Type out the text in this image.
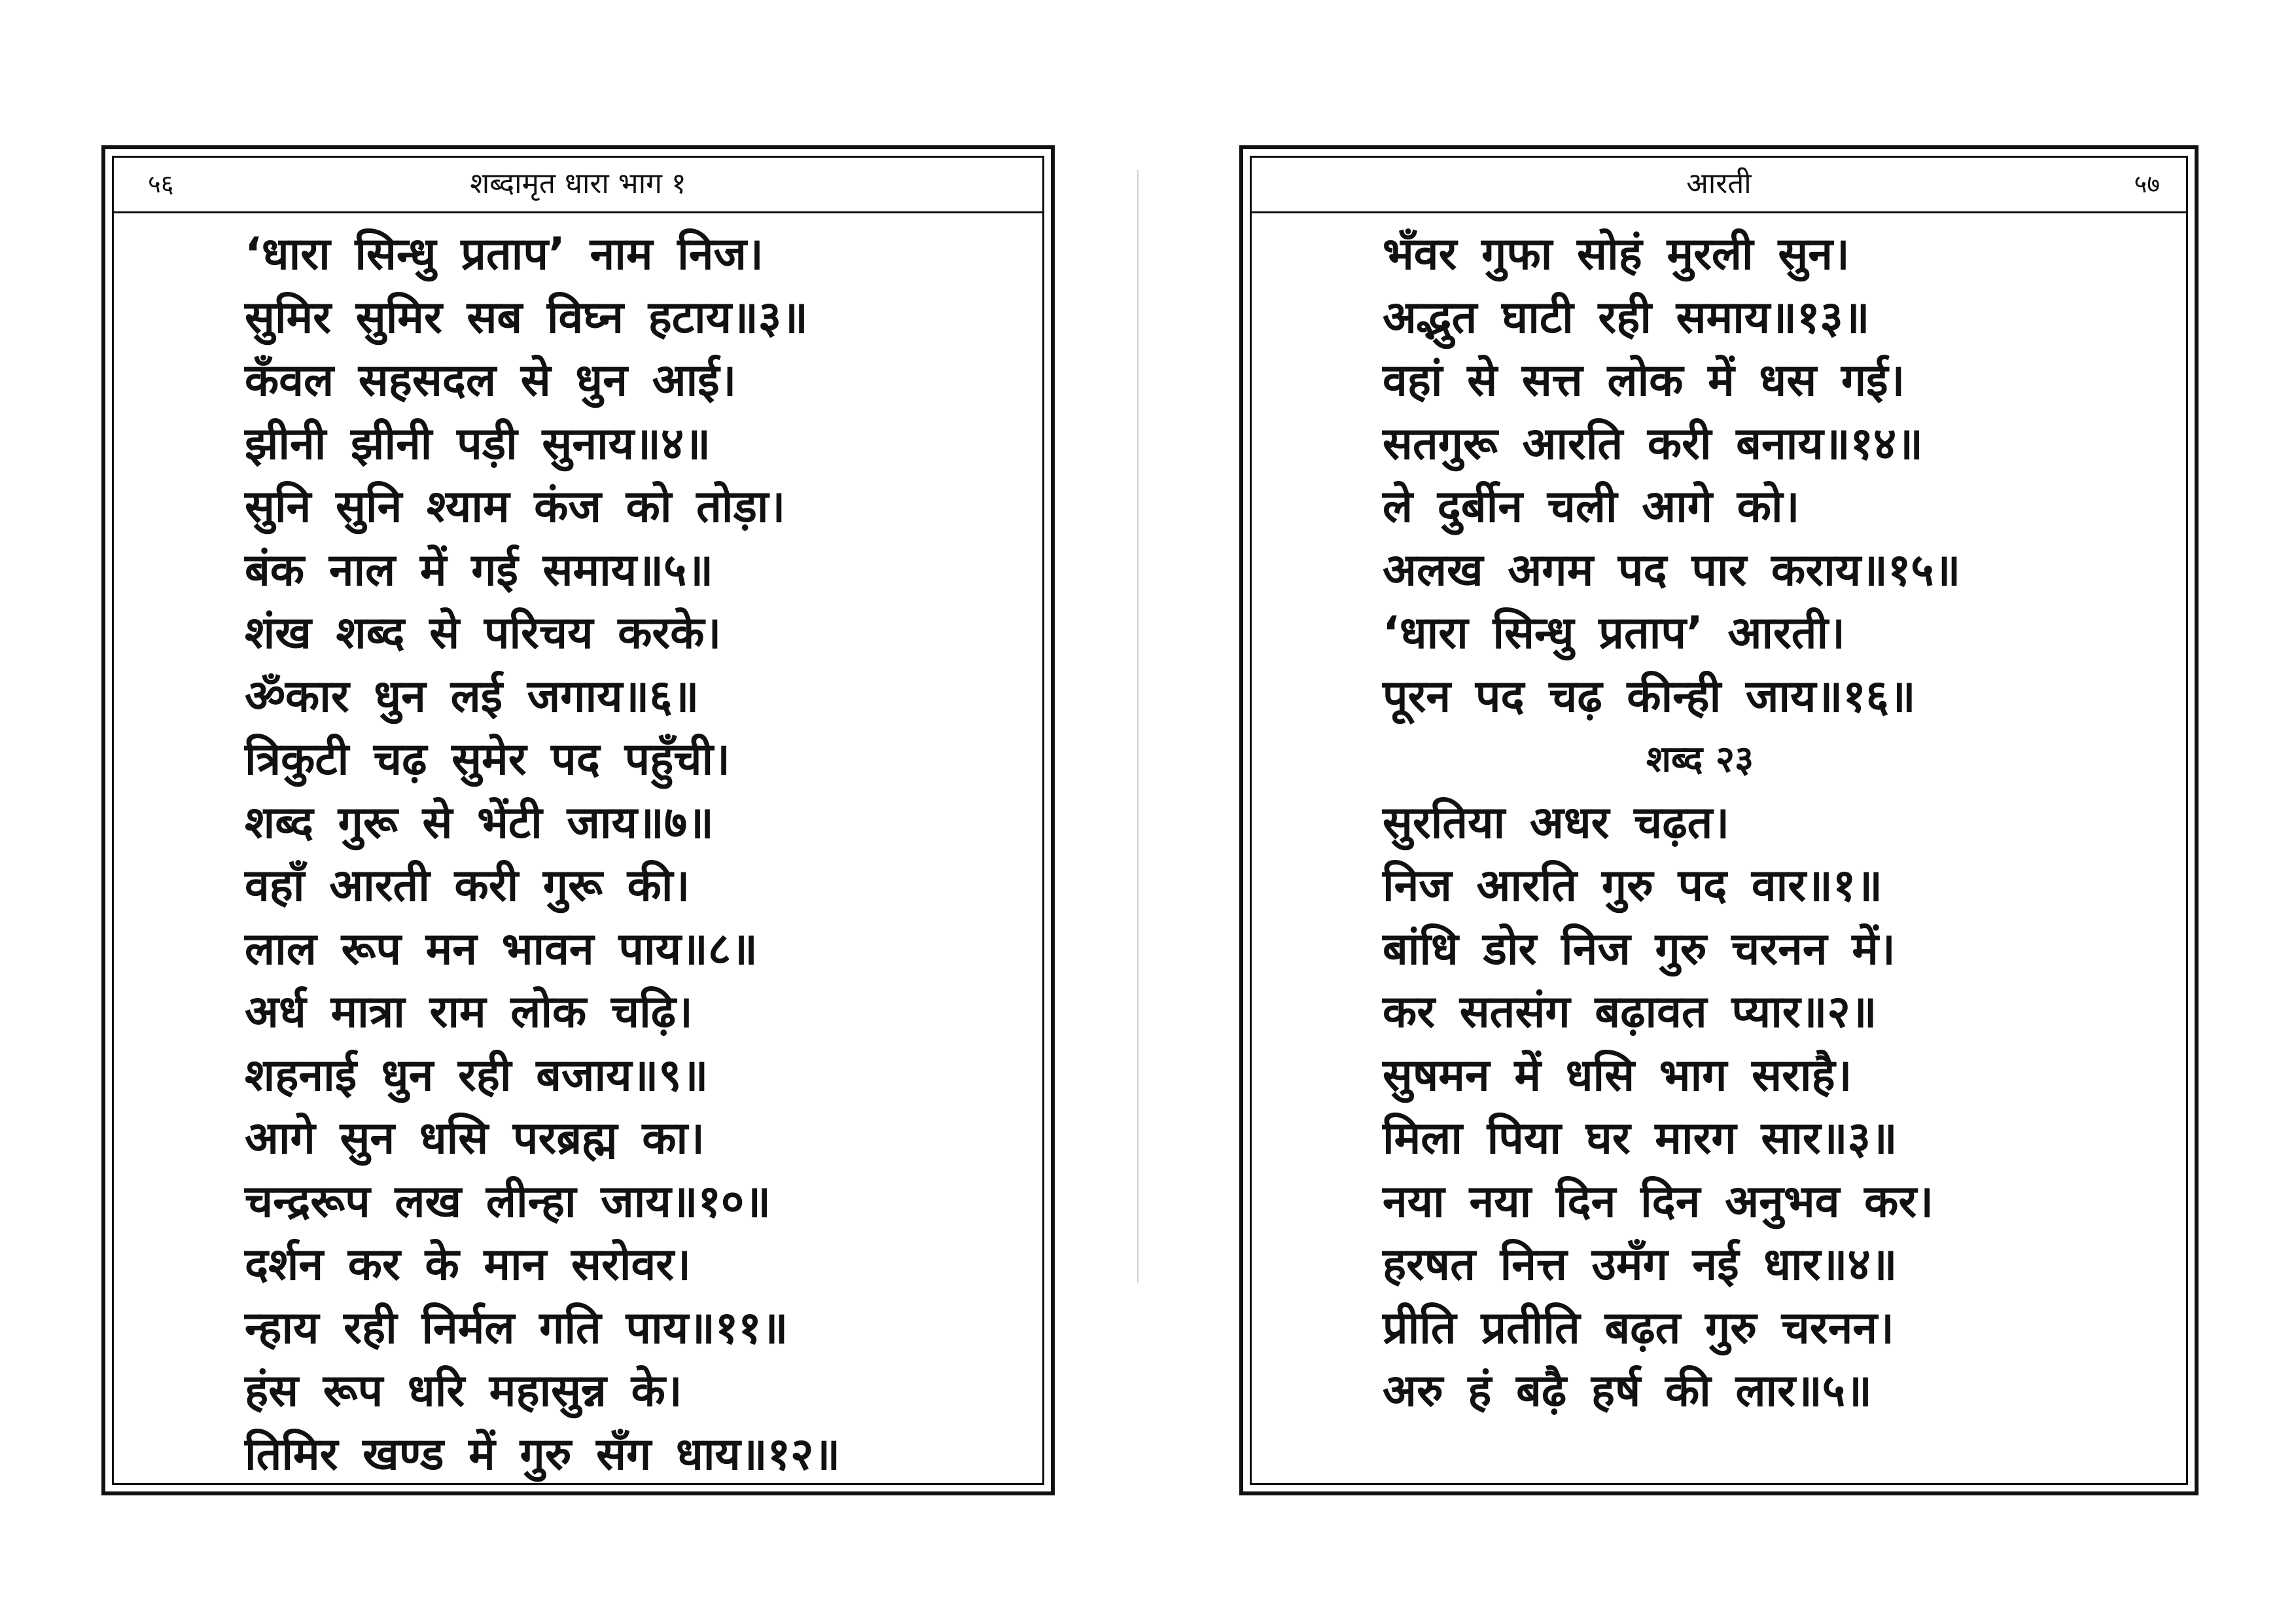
५६	शब्दामृत धारा भाग १
‘धारा सिन्धु प्रताप’ नाम निज।
सुमिर सुमिर सब विघ्न हटाय॥३॥
कँवल सहसदल से धुन आई।
झीनी झीनी पड़ी सुनाय॥४॥
सुनि सुनि श्याम कंज को तोड़ा।
बंक नाल में गई समाय॥५॥
शंख शब्द से परिचय करके।
ॐकार धुन लई जगाय॥६॥
त्रिकुटी चढ़ सुमेर पद पहुँची।
शब्द गुरू से भेंटी जाय॥७॥
वहाँ आरती करी गुरू की।
लाल रूप मन भावन पाय॥८॥
अर्ध मात्रा राम लोक चढ़ि।
शहनाई धुन रही बजाय॥९॥
आगे सुन धसि परब्रह्म का।
चन्द्ररूप लख लीन्हा जाय॥१०॥
दर्शन कर के मान सरोवर।
न्हाय रही निर्मल गति पाय॥११॥
हंस रूप धरि महासुन्न के।
तिमिर खण्ड में गुरु सँग धाय॥१२॥
आरती	५७
भँवर गुफा सोहं मुरली सुन।
अद्भुत घाटी रही समाय॥१३॥
वहां से सत्त लोक में धस गई।
सतगुरू आरति करी बनाय॥१४॥
ले दुर्बीन चली आगे को।
अलख अगम पद पार कराय॥१५॥
‘धारा सिन्धु प्रताप’ आरती।
पूरन पद चढ़ कीन्ही जाय॥१६॥
शब्द २३
सुरतिया अधर चढ़त।
निज आरति गुरु पद वार॥१॥
बांधि डोर निज गुरु चरनन में।
कर सतसंग बढ़ावत प्यार॥२॥
सुषमन में धसि भाग सराहै।
मिला पिया घर मारग सार॥३॥
नया नया दिन दिन अनुभव कर।
हरषत नित्त उमँग नई धार॥४॥
प्रीति प्रतीति बढ़त गुरु चरनन।
अरु हं बढ़ै हर्ष की लार॥५॥
